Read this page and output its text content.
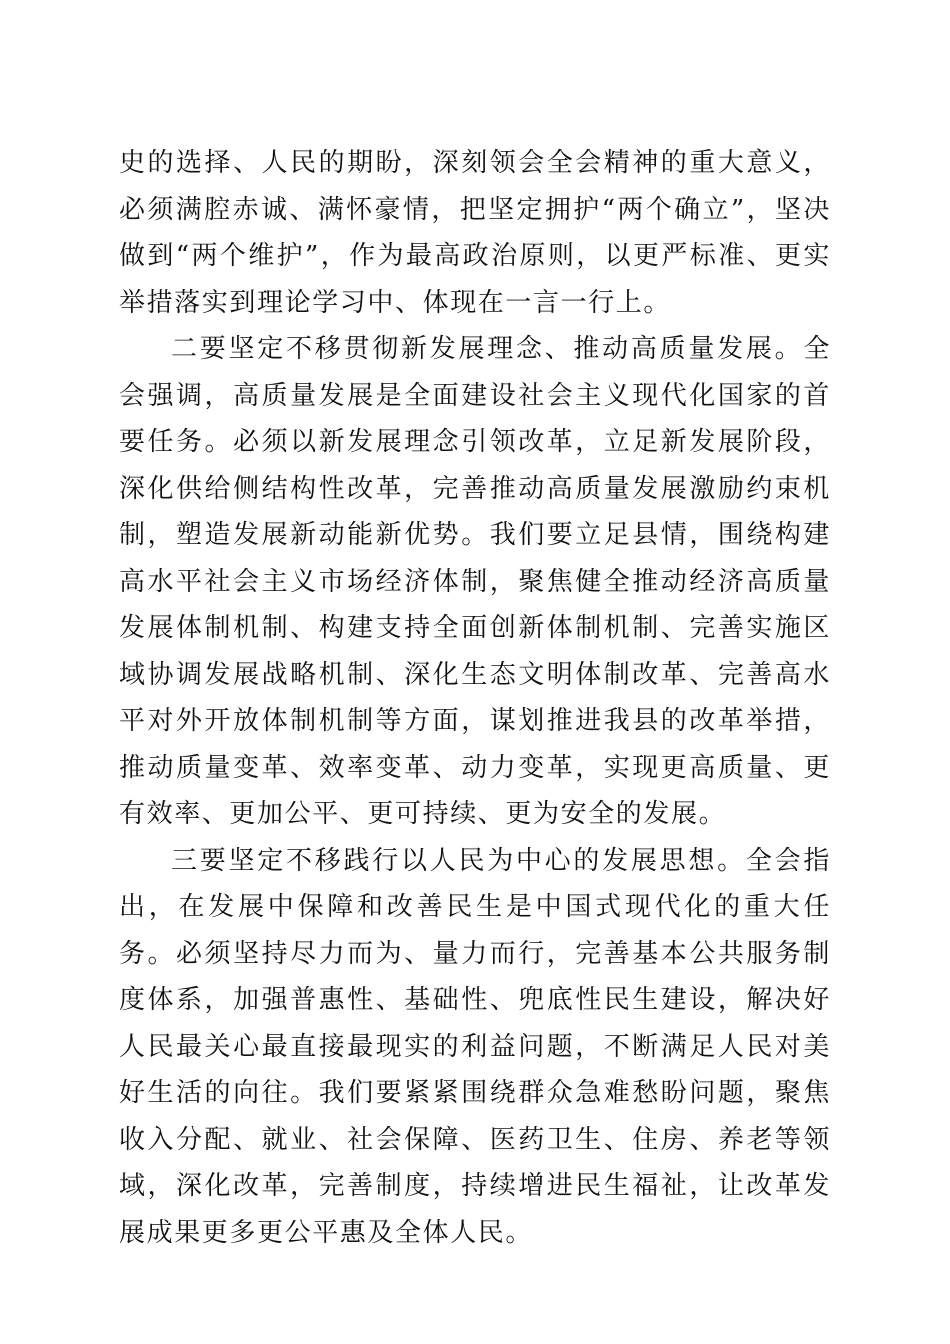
史的选择、人民的期盼，深刻领会全会精神的重大意义，必须满腔赤诚、满怀豪情，把坚定拥护“两个确立”，坚决做到“两个维护”，作为最高政治原则，以更严标准、更实举措落实到理论学习中、体现在一言一行上。

二要坚定不移贯彻新发展理念、推动高质量发展。全会强调，高质量发展是全面建设社会主义现代化国家的首要任务。必须以新发展理念引领改革，立足新发展阶段，深化供给侧结构性改革，完善推动高质量发展激励约束机制，塑造发展新动能新优势。我们要立足县情，围绕构建高水平社会主义市场经济体制，聚焦健全推动经济高质量发展体制机制、构建支持全面创新体制机制、完善实施区域协调发展战略机制、深化生态文明体制改革、完善高水平对外开放体制机制等方面，谋划推进我县的改革举措，推动质量变革、效率变革、动力变革，实现更高质量、更有效率、更加公平、更可持续、更为安全的发展。

三要坚定不移践行以人民为中心的发展思想。全会指出，在发展中保障和改善民生是中国式现代化的重大任务。必须坚持尽力而为、量力而行，完善基本公共服务制度体系，加强普惠性、基础性、兜底性民生建设，解决好人民最关心最直接最现实的利益问题，不断满足人民对美好生活的向往。我们要紧紧围绕群众急难愁盼问题，聚焦收入分配、就业、社会保障、医药卫生、住房、养老等领域，深化改革，完善制度，持续增进民生福祉，让改革发展成果更多更公平惠及全体人民。
